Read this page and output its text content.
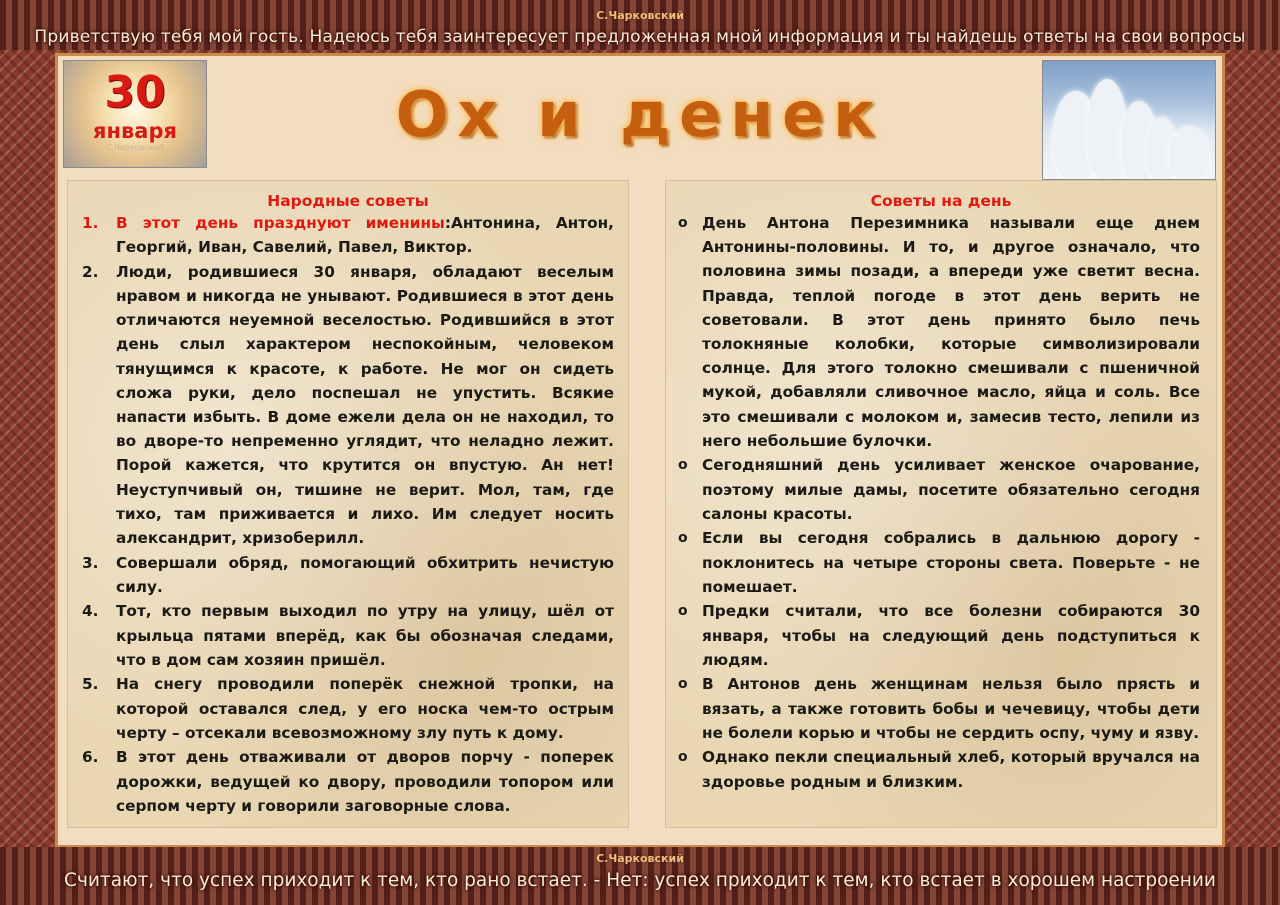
С.Чарковский
Приветствую тебя мой гость. Надеюсь тебя заинтересует предложенная мной информация и ты найдешь ответы на свои вопросы
30
января
С.Чарковский	Ох и денек
Народные советы
1. В этот день празднуют именины:Антонина, Антон, Георгий, Иван, Савелий, Павел, Виктор.
2. Люди, родившиеся 30 января, обладают веселым нравом и никогда не унывают. Родившиеся в этот день отличаются неуемной веселостью. Родившийся в этот день слыл характером неспокойным, человеком тянущимся к красоте, к работе. Не мог он сидеть сложа руки, дело поспешал не упустить. Всякие напасти избыть. В доме ежели дела он не находил, то во дворе-то непременно углядит, что неладно лежит. Порой кажется, что крутится он впустую. Ан нет! Неуступчивый он, тишине не верит. Мол, там, где тихо, там приживается и лихо. Им следует носить александрит, хризоберилл.
3. Совершали обряд, помогающий обхитрить нечистую силу.
4. Тот, кто первым выходил по утру на улицу, шёл от крыльца пятами вперёд, как бы обозначая следами, что в дом сам хозяин пришёл.
5. На снегу проводили поперёк снежной тропки, на которой оставался след, у его носка чем-то острым черту – отсекали всевозможному злу путь к дому.
6. В этот день отваживали от дворов порчу - поперек дорожки, ведущей ко двору, проводили топором или серпом черту и говорили заговорные слова.
Советы на день
o День Антона Перезимника называли еще днем Антонины-половины. И то, и другое означало, что половина зимы позади, а впереди уже светит весна. Правда, теплой погоде в этот день верить не советовали. В этот день принято было печь толокняные колобки, которые символизировали солнце. Для этого толокно смешивали с пшеничной мукой, добавляли сливочное масло, яйца и соль. Все это смешивали с молоком и, замесив тесто, лепили из него небольшие булочки.
o Сегодняшний день усиливает женское очарование, поэтому милые дамы, посетите обязательно сегодня салоны красоты.
o Если вы сегодня собрались в дальнюю дорогу - поклонитесь на четыре стороны света. Поверьте - не помешает.
o Предки считали, что все болезни собираются 30 января, чтобы на следующий день подступиться к людям.
o В Антонов день женщинам нельзя было прясть и вязать, а также готовить бобы и чечевицу, чтобы дети не болели корью и чтобы не сердить оспу, чуму и язву.
o Однако пекли специальный хлеб, который вручался на здоровье родным и близким.
С.Чарковский
Считают, что успех приходит к тем, кто рано встает. - Нет: успех приходит к тем, кто встает в хорошем настроении
